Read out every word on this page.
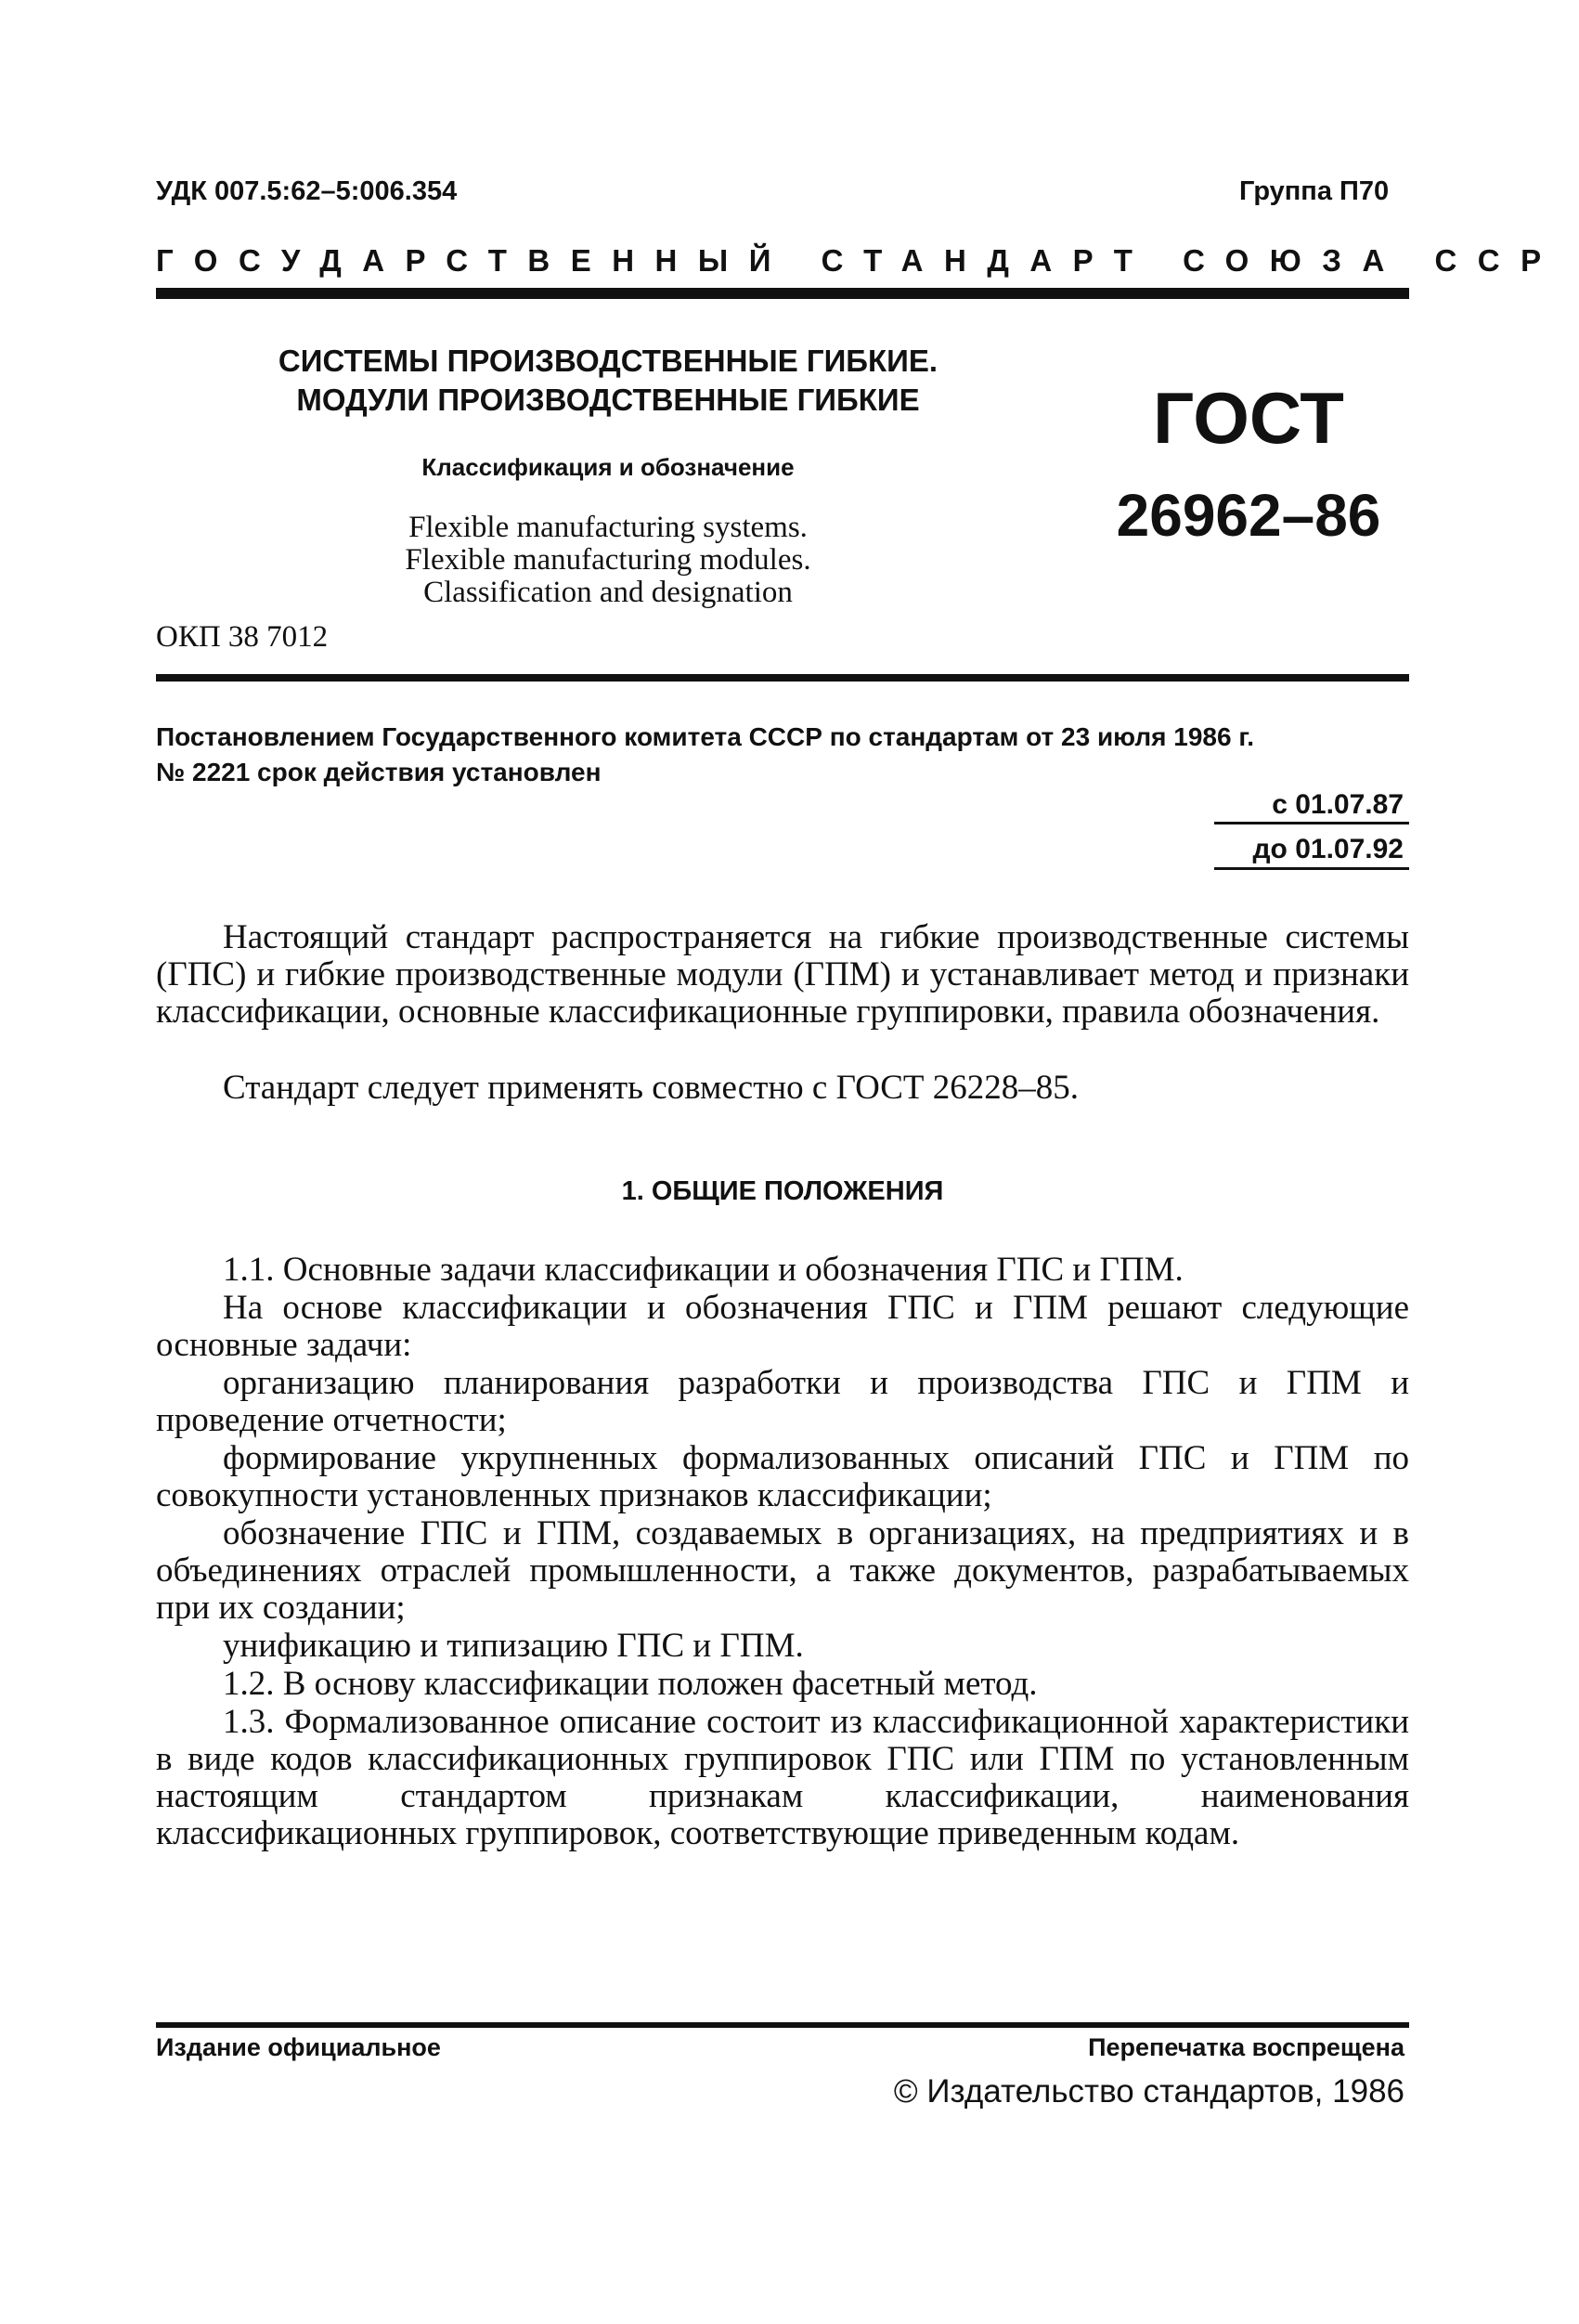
УДК 007.5:62–5:006.354	Группа П70
ГОСУДАРСТВЕННЫЙ СТАНДАРТ СОЮЗА ССР
СИСТЕМЫ ПРОИЗВОДСТВЕННЫЕ ГИБКИЕ.
МОДУЛИ ПРОИЗВОДСТВЕННЫЕ ГИБКИЕ	ГОСТ
26962–86
Классификация и обозначение
Flexible manufacturing systems.
Flexible manufacturing modules.
Classification and designation
ОКП 38 7012
Постановлением Государственного комитета СССР по стандартам от 23 июля 1986 г.
№ 2221 срок действия установлен
с 01.07.87
до 01.07.92
Настоящий стандарт распространяется на гибкие производственные системы (ГПС) и гибкие производственные модули (ГПМ) и устанавливает метод и признаки классификации, основные классификационные группировки, правила обозначения.
Стандарт следует применять совместно с ГОСТ 26228–85.
1. ОБЩИЕ ПОЛОЖЕНИЯ

1.1. Основные задачи классификации и обозначения ГПС и ГПМ.

На основе классификации и обозначения ГПС и ГПМ решают следующие основные задачи:

организацию планирования разработки и производства ГПС и ГПМ и проведение отчетности;

формирование укрупненных формализованных описаний ГПС и ГПМ по совокупности установленных признаков классификации;

обозначение ГПС и ГПМ, создаваемых в организациях, на предприятиях и в объединениях отраслей промышленности, а также документов, разрабатываемых при их создании;

унификацию и типизацию ГПС и ГПМ.

1.2. В основу классификации положен фасетный метод.

1.3. Формализованное описание состоит из классификационной характеристики в виде кодов классификационных группировок ГПС или ГПМ по установленным настоящим стандартом признакам классификации, наименования классификационных группировок, соответствующие приведенным кодам.

Издание официальное	Перепечатка воспрещена
© Издательство стандартов, 1986
